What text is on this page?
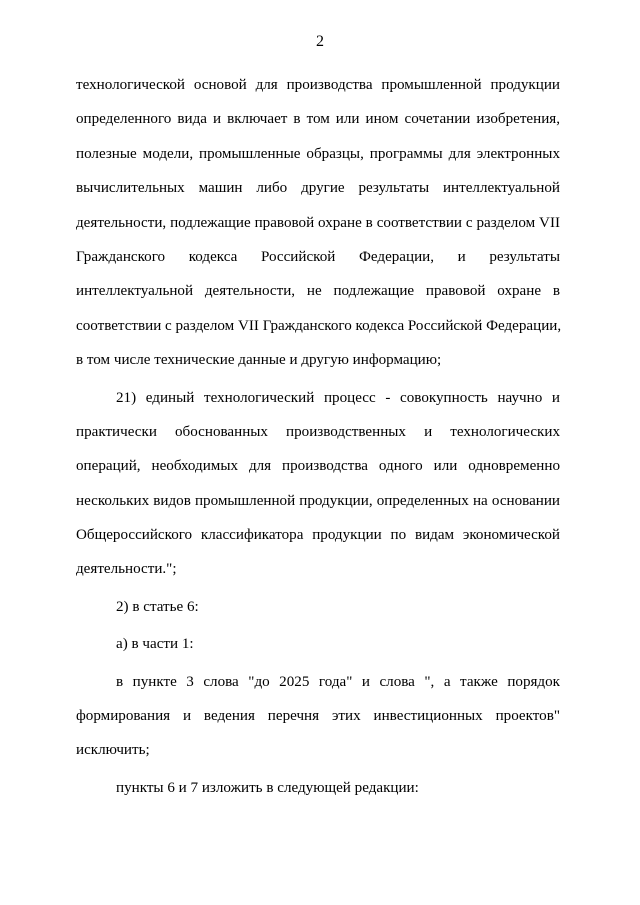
2
технологической основой для производства промышленной продукции
определенного вида и включает в том или ином сочетании изобретения,
полезные модели, промышленные образцы, программы для электронных
вычислительных машин либо другие результаты интеллектуальной
деятельности, подлежащие правовой охране в соответствии с разделом VII
Гражданского кодекса Российской Федерации, и результаты
интеллектуальной деятельности, не подлежащие правовой охране в
соответствии с разделом VII Гражданского кодекса Российской Федерации,
в том числе технические данные и другую информацию;
21) единый технологический процесс - совокупность научно и
практически обоснованных производственных и технологических
операций, необходимых для производства одного или одновременно
нескольких видов промышленной продукции, определенных на основании
Общероссийского классификатора продукции по видам экономической
деятельности.";
2) в статье 6:
а) в части 1:
в пункте 3 слова "до 2025 года" и слова ", а также порядок
формирования и ведения перечня этих инвестиционных проектов"
исключить;
пункты 6 и 7 изложить в следующей редакции:
